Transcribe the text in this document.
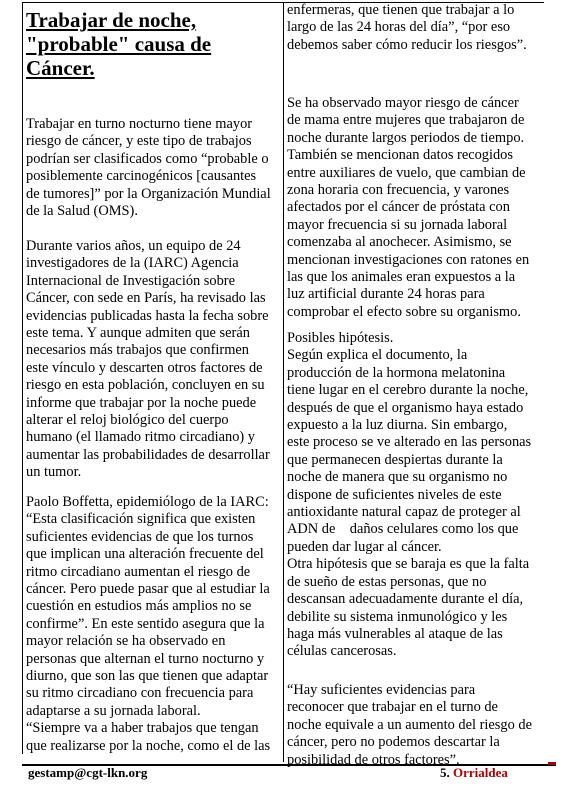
Trabajar de noche,
"probable" causa de
Cáncer.
Trabajar en turno nocturno tiene mayor
riesgo de cáncer, y este tipo de trabajos
podrían ser clasificados como “probable o
posiblemente carcinogénicos [causantes
de tumores]” por la Organización Mundial
de la Salud (OMS).
Durante varios años, un equipo de 24
investigadores de la (IARC) Agencia
Internacional de Investigación sobre
Cáncer, con sede en París, ha revisado las
evidencias publicadas hasta la fecha sobre
este tema. Y aunque admiten que serán
necesarios más trabajos que confirmen
este vínculo y descarten otros factores de
riesgo en esta población, concluyen en su
informe que trabajar por la noche puede
alterar el reloj biológico del cuerpo
humano (el llamado ritmo circadiano) y
aumentar las probabilidades de desarrollar
un tumor.
Paolo Boffetta, epidemiólogo de la IARC:
“Esta clasificación significa que existen
suficientes evidencias de que los turnos
que implican una alteración frecuente del
ritmo circadiano aumentan el riesgo de
cáncer. Pero puede pasar que al estudiar la
cuestión en estudios más amplios no se
confirme”. En este sentido asegura que la
mayor relación se ha observado en
personas que alternan el turno nocturno y
diurno, que son las que tienen que adaptar
su ritmo circadiano con frecuencia para
adaptarse a su jornada laboral.
“Siempre va a haber trabajos que tengan
que realizarse por la noche, como el de las
enfermeras, que tienen que trabajar a lo
largo de las 24 horas del día”, “por eso
debemos saber cómo reducir los riesgos”.
Se ha observado mayor riesgo de cáncer
de mama entre mujeres que trabajaron de
noche durante largos periodos de tiempo.
También se mencionan datos recogidos
entre auxiliares de vuelo, que cambian de
zona horaria con frecuencia, y varones
afectados por el cáncer de próstata con
mayor frecuencia si su jornada laboral
comenzaba al anochecer. Asimismo, se
mencionan investigaciones con ratones en
las que los animales eran expuestos a la
luz artificial durante 24 horas para
comprobar el efecto sobre su organismo.
Posibles hipótesis.
Según explica el documento, la
producción de la hormona melatonina
tiene lugar en el cerebro durante la noche,
después de que el organismo haya estado
expuesto a la luz diurna. Sin embargo,
este proceso se ve alterado en las personas
que permanecen despiertas durante la
noche de manera que su organismo no
dispone de suficientes niveles de este
antioxidante natural capaz de proteger al
ADN de    daños celulares como los que
pueden dar lugar al cáncer.
Otra hipótesis que se baraja es que la falta
de sueño de estas personas, que no
descansan adecuadamente durante el día,
debilite su sistema inmunológico y les
haga más vulnerables al ataque de las
células cancerosas.
“Hay suficientes evidencias para
reconocer que trabajar en el turno de
noche equivale a un aumento del riesgo de
cáncer, pero no podemos descartar la
posibilidad de otros factores”.
gestamp@cgt-lkn.org	5. Orrialdea
